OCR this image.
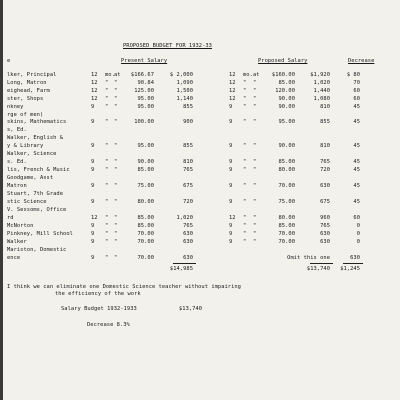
PROPOSED BUDGET FOR 1932-33
e	Present Salary	Proposed Salary	Decrease
lker, Principal	12 mo. at $166.67	$ 2,000	12 mo. at $160.00	$1,920	$ 80
Long, Matron	12 " "	90.84	1,090	12 " "	85.00	1,020	70
eighead, Farm	12 " "	125.00	1,500	12 " "	120.00	1,440	60
ster, Shops	12 " "	95.00	1,140	12 " "	90.00	1,080	60
nkney	9 " "	95.00	855	9 " "	90.00	810	45
rge of men)
skins, Mathematics	9 " "	100.00	900	9 " "	95.00	855	45
s, Ed.
Walker, English &
y & Library	9 " "	95.00	855	9 " "	90.00	810	45
Walker, Science
s. Ed.	9 " "	90.00	810	9 " "	85.00	765	45
lis, French & Music	9 " "	85.00	765	9 " "	80.00	720	45
Goodgame, Asst
Matron	9 " "	75.00	675	9 " "	70.00	630	45
Stuart, 7th Grade
stic Science	9 " "	80.00	720	9 " "	75.00	675	45
V. Sessoms, Office
rd	12 " "	85.00	1,020	12 " "	80.00	960	60
McNorton	9 " "	85.00	765	9 " "	85.00	765	0
Pinkney, Mill School	9 " "	70.00	630	9 " "	70.00	630	0
Walker	9 " "	70.00	630	9 " "	70.00	630	0
Mariston, Domestic
ence	9 " "	70.00	630	Omit this one	630
$14,985	$13,740 $1,245
I think we can eliminate one Domestic Science teacher without impairing
the efficiency of the work
Salary Budget 1932-1933	$13,740
Decrease 8.3%
